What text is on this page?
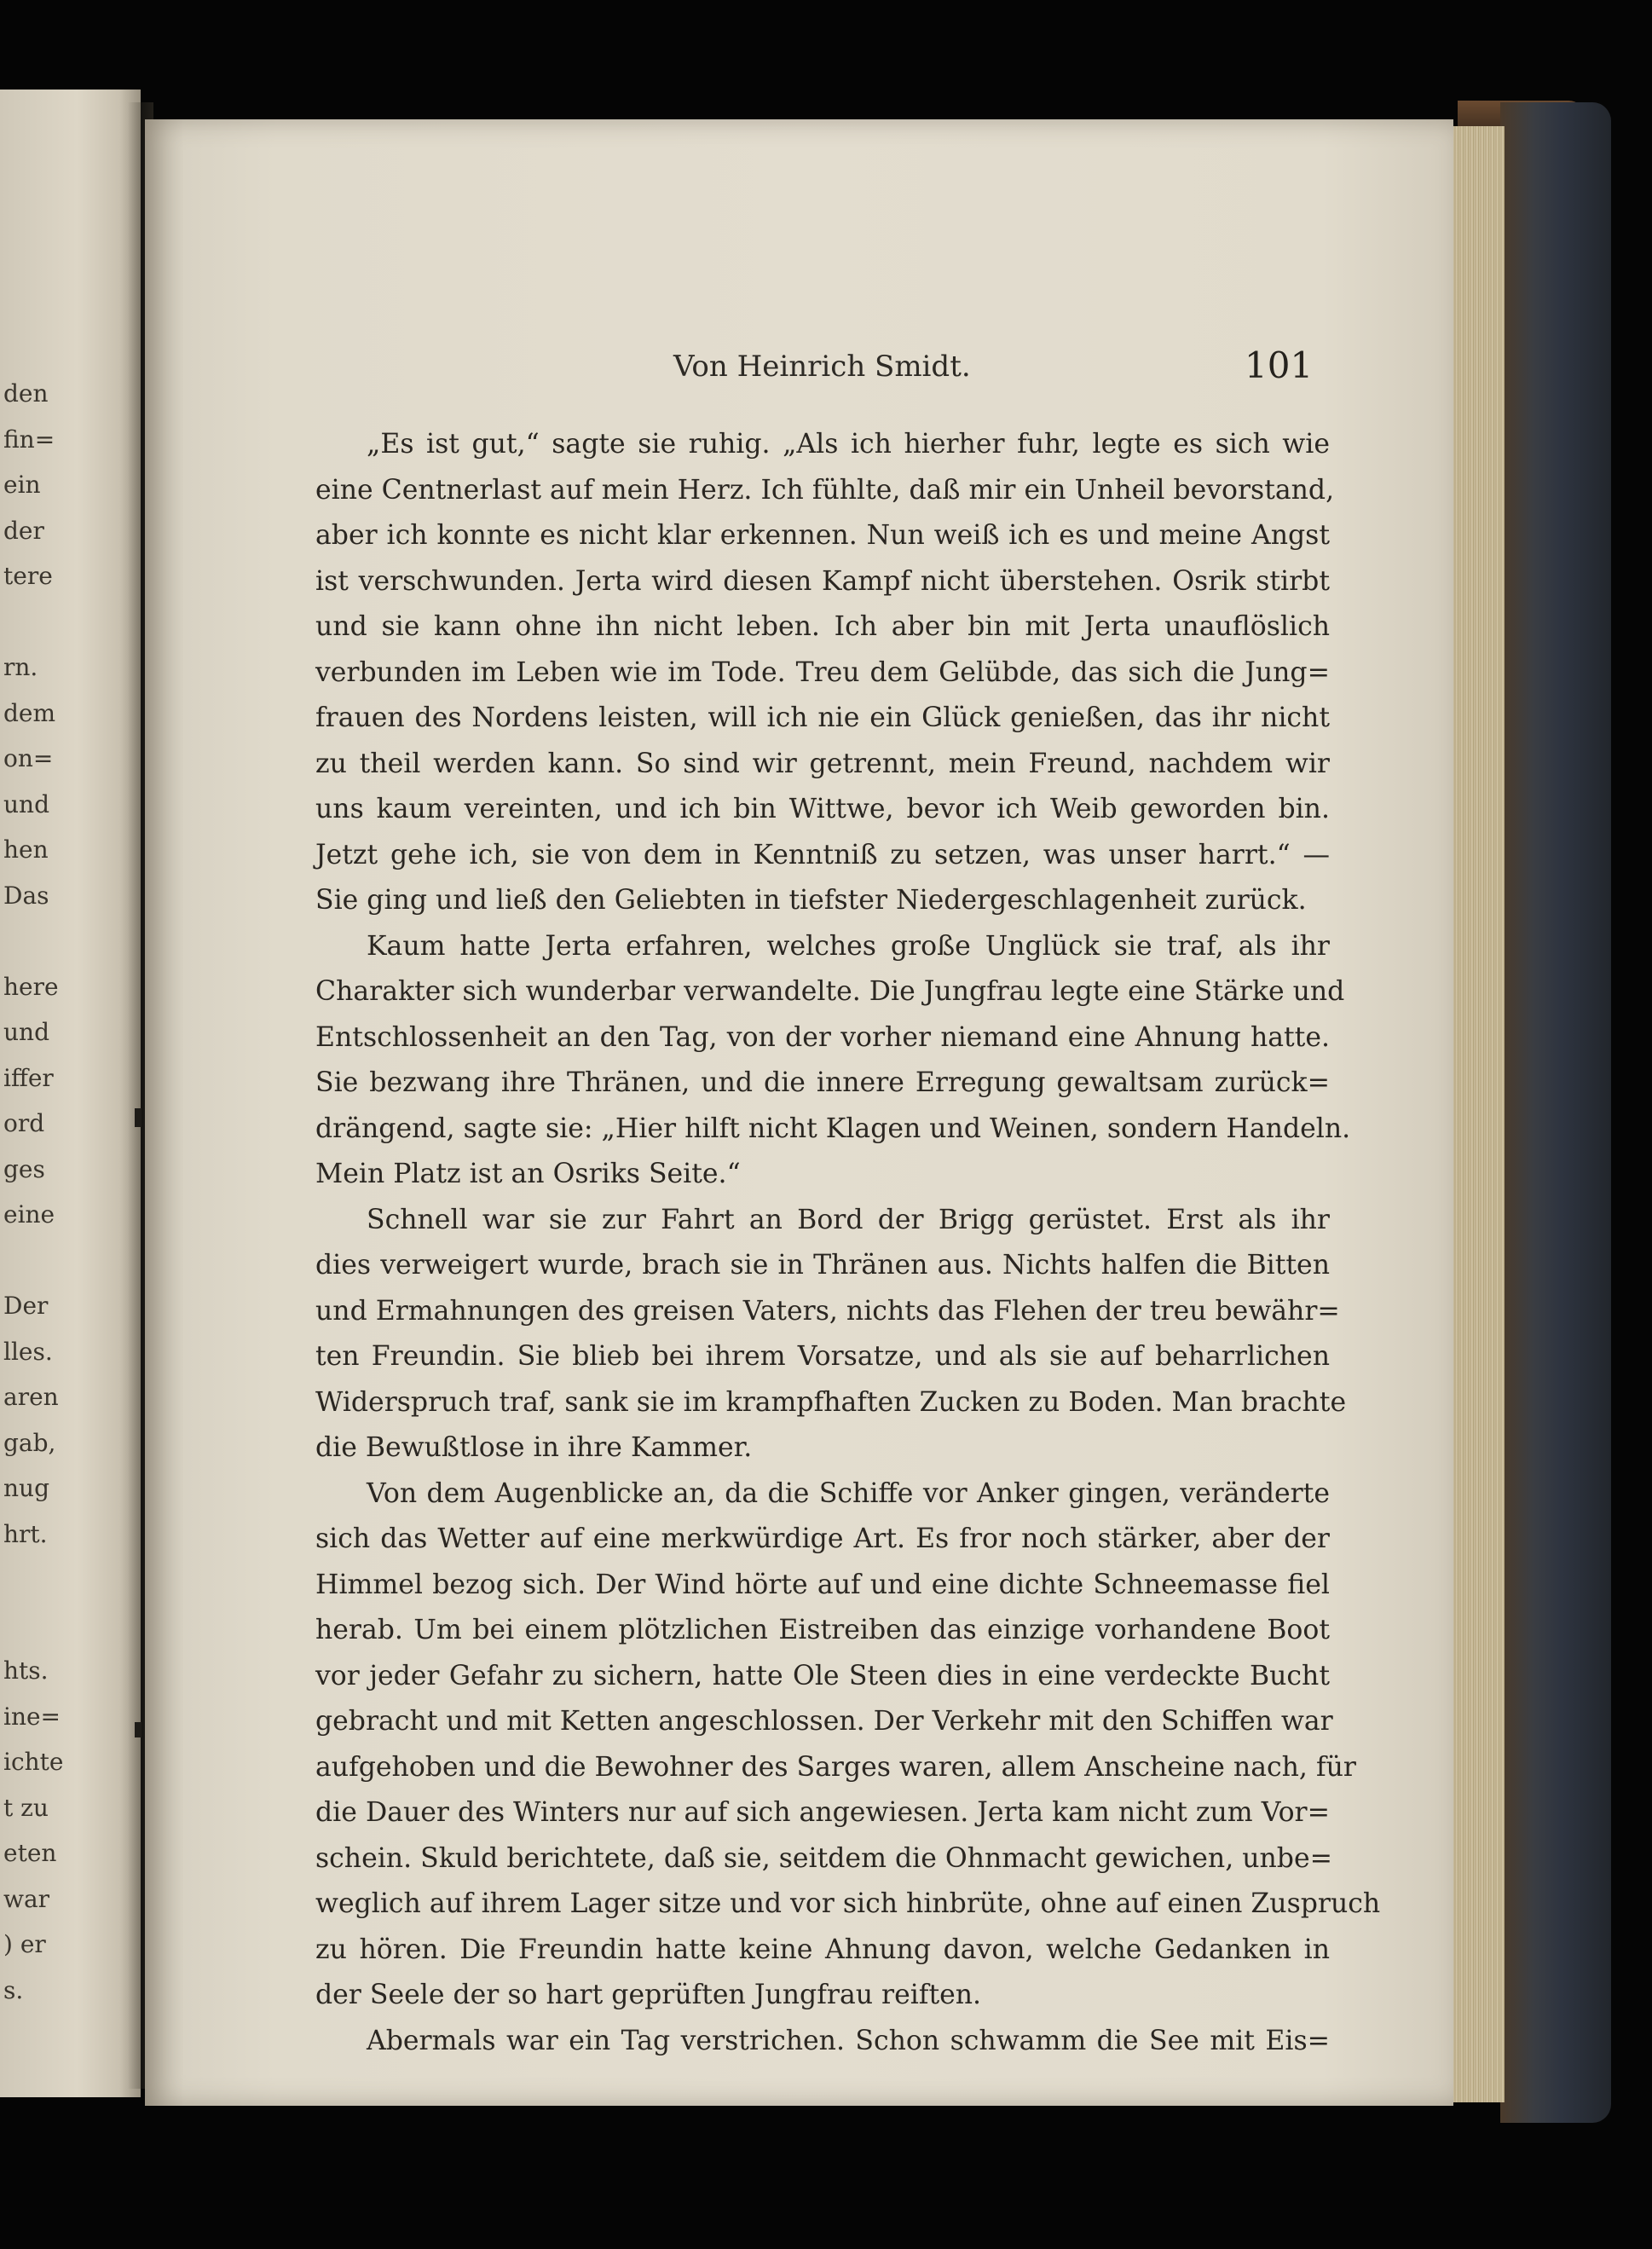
den
fin=
ein
der
tere
rn.
dem
on=
und
hen
Das
here
und
iffer
ord
ges
eine
Der
lles.
aren
gab,
nug
hrt.
hts.
ine=
ichte
t zu
eten
war
) er
s.
Von Heinrich Smidt.	101
„Es ist gut,“ sagte sie ruhig. „Als ich hierher fuhr, legte es sich wie
eine Centnerlast auf mein Herz. Ich fühlte, daß mir ein Unheil bevorstand,
aber ich konnte es nicht klar erkennen. Nun weiß ich es und meine Angst
ist verschwunden. Jerta wird diesen Kampf nicht überstehen. Osrik stirbt
und sie kann ohne ihn nicht leben. Ich aber bin mit Jerta unauflöslich
verbunden im Leben wie im Tode. Treu dem Gelübde, das sich die Jung=
frauen des Nordens leisten, will ich nie ein Glück genießen, das ihr nicht
zu theil werden kann. So sind wir getrennt, mein Freund, nachdem wir
uns kaum vereinten, und ich bin Wittwe, bevor ich Weib geworden bin.
Jetzt gehe ich, sie von dem in Kenntniß zu setzen, was unser harrt.“ —
Sie ging und ließ den Geliebten in tiefster Niedergeschlagenheit zurück.
Kaum hatte Jerta erfahren, welches große Unglück sie traf, als ihr
Charakter sich wunderbar verwandelte. Die Jungfrau legte eine Stärke und
Entschlossenheit an den Tag, von der vorher niemand eine Ahnung hatte.
Sie bezwang ihre Thränen, und die innere Erregung gewaltsam zurück=
drängend, sagte sie: „Hier hilft nicht Klagen und Weinen, sondern Handeln.
Mein Platz ist an Osriks Seite.“
Schnell war sie zur Fahrt an Bord der Brigg gerüstet. Erst als ihr
dies verweigert wurde, brach sie in Thränen aus. Nichts halfen die Bitten
und Ermahnungen des greisen Vaters, nichts das Flehen der treu bewähr=
ten Freundin. Sie blieb bei ihrem Vorsatze, und als sie auf beharrlichen
Widerspruch traf, sank sie im krampfhaften Zucken zu Boden. Man brachte
die Bewußtlose in ihre Kammer.
Von dem Augenblicke an, da die Schiffe vor Anker gingen, veränderte
sich das Wetter auf eine merkwürdige Art. Es fror noch stärker, aber der
Himmel bezog sich. Der Wind hörte auf und eine dichte Schneemasse fiel
herab. Um bei einem plötzlichen Eistreiben das einzige vorhandene Boot
vor jeder Gefahr zu sichern, hatte Ole Steen dies in eine verdeckte Bucht
gebracht und mit Ketten angeschlossen. Der Verkehr mit den Schiffen war
aufgehoben und die Bewohner des Sarges waren, allem Anscheine nach, für
die Dauer des Winters nur auf sich angewiesen. Jerta kam nicht zum Vor=
schein. Skuld berichtete, daß sie, seitdem die Ohnmacht gewichen, unbe=
weglich auf ihrem Lager sitze und vor sich hinbrüte, ohne auf einen Zuspruch
zu hören. Die Freundin hatte keine Ahnung davon, welche Gedanken in
der Seele der so hart geprüften Jungfrau reiften.
Abermals war ein Tag verstrichen. Schon schwamm die See mit Eis=
